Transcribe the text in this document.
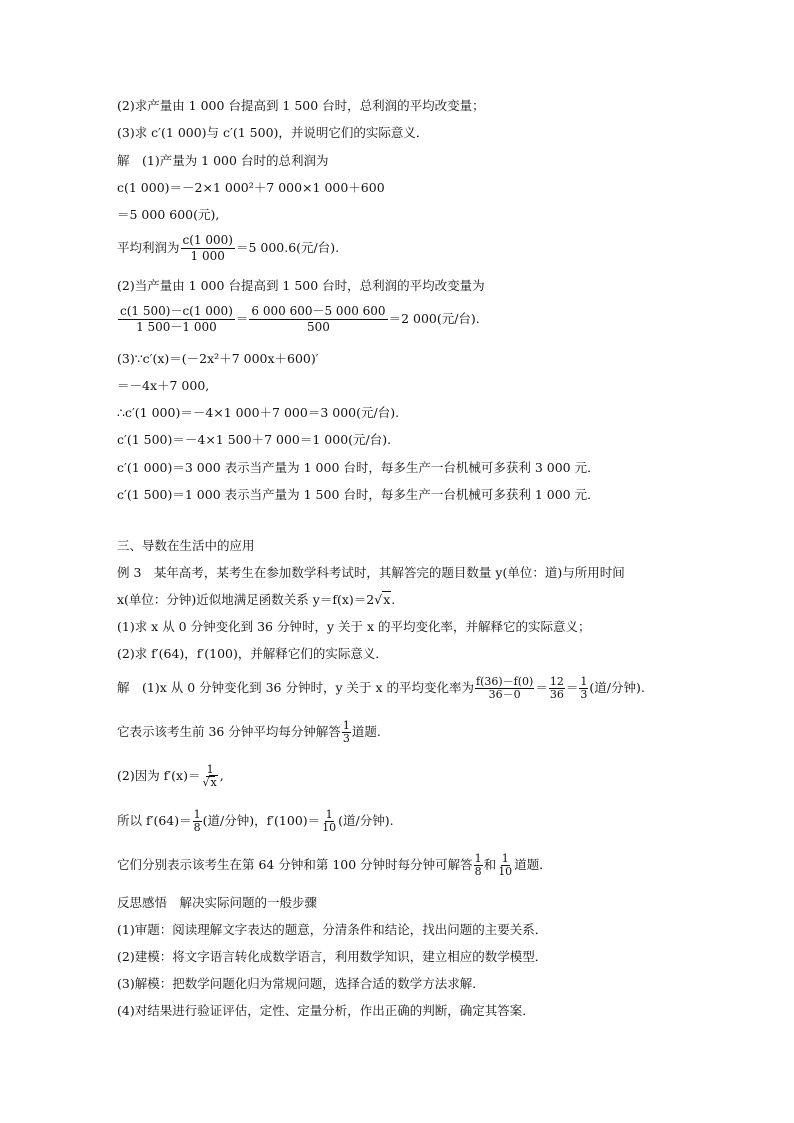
(2)求产量由 1 000 台提高到 1 500 台时，总利润的平均改变量；
(3)求 c′(1 000)与 c′(1 500)，并说明它们的实际意义．
解　(1)产量为 1 000 台时的总利润为
c(1 000)＝－2×1 000²＋7 000×1 000＋600
＝5 000 600(元),
平均利润为 $\frac{c(1 000)}{1 000} =5$ 000.6(元/台).
(2)当产量由 1 000 台提高到 1 500 台时，总利润的平均改变量为
$\frac{c(1 500)-c(1 000)}{1 500-1 000} = \frac{6 000 600-5 000 600}{500} =2$ 000(元/台).
(3)∵c′(x)＝(－2x²＋7 000x＋600)′
＝－4x＋7 000,
∴c′(1 000)＝－4×1 000＋7 000＝3 000(元/台).
c′(1 500)＝－4×1 500＋7 000＝1 000(元/台).
c′(1 000)＝3 000 表示当产量为 1 000 台时，每多生产一台机械可多获利 3 000 元．
c′(1 500)＝1 000 表示当产量为 1 500 台时，每多生产一台机械可多获利 1 000 元．
三、导数在生活中的应用
例 3　某年高考，某考生在参加数学科考试时，其解答完的题目数量 y(单位：道)与所用时间
x(单位：分钟)近似地满足函数关系 y＝f(x)＝2√x.
(1)求 x 从 0 分钟变化到 36 分钟时，y 关于 x 的平均变化率，并解释它的实际意义；
(2)求 f′(64)，f′(100)，并解释它们的实际意义．
解　(1)x 从 0 分钟变化到 36 分钟时，y 关于 x 的平均变化率为 $\frac{f(36)-f(0)}{36-0} = \frac{12}{36} = \frac{1}{3}$ (道/分钟).
它表示该考生前 36 分钟平均每分钟解答 $\frac{1}{3}$ 道题.
(2)因为 $f'(x)= \frac{1}{√x}$ ,
所以 $f'(64)= \frac{1}{8}$ (道/分钟)，$f'(100)= \frac{1}{10}$ (道/分钟).
它们分别表示该考生在第 64 分钟和第 100 分钟时每分钟可解答 $\frac{1}{8}$ 和 $\frac{1}{10}$ 道题．
反思感悟　解决实际问题的一般步骤
(1)审题：阅读理解文字表达的题意，分清条件和结论，找出问题的主要关系．
(2)建模：将文字语言转化成数学语言，利用数学知识，建立相应的数学模型．
(3)解模：把数学问题化归为常规问题，选择合适的数学方法求解．
(4)对结果进行验证评估，定性、定量分析，作出正确的判断，确定其答案．
